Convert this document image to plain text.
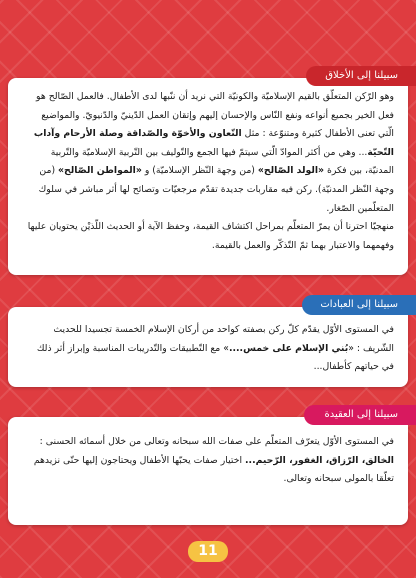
وهو الرّكن المتعلّق بالقيم الإسلاميّة والكونيّة التي نريد أن ننّبها لدى الأطفال. فالعمل الصّالح هو فعل الخير بجميع أنواعه ونفع النّاس والإحسان إليهم وإتقان العمل الدّينيّ والدّنيويّ. والمواضيع الّتي تعنى الأطفال كثيرة ومتنوّعة : مثل التّعاون والأخوّة والصّداقة وصلة الأرحام وآداب التّحيّة... وهي من أكثر الموادّ الّتي سيتمّ فيها الجمع والتّوليف بين التّربية الإسلاميّة والتّربية المدنيّة، بين فكرة «الولد الصّالح» (من وجهة النّظر الإسلاميّة) و «المواطن الصّالح» (من وجهة النّظر المدنيّة). ركن فيه مقاربات جديدة تقدّم مرجعيّات وتصائح لها أثر مباشر في سلوك المتعلّمين الصّغار.

منهجيّا احترنا أن يمرّ المتعلّم بمراحل اكتشاف القيمة، وحفظ الآية أو الحديث اللّذيْن يحتويان عليها وفهمهما والاعتبار بهما ثمّ التّذكّر والعمل بالقيمة.

سبيلنا إلى الأخلاق

في المستوى الأوّل يقدّم كلّ ركن بصفته كواحد من أركان الإسلام الخمسة تجسيدا للحديث الشّريف : «بُني الإسلام على خمس....» مع التّطبيقات والتّدريبات المناسبة وإبراز أثر ذلك في حياتهم كأطفال...

سبيلنا إلى العبادات

في المستوى الأوّل يتعرّف المتعلّم على صفات الله سبحانه وتعالى من خلال أسمائه الحسنى : الخالق، الرّزاق، الغفور، الرّحيم... اختيار صفات يحبّها الأطفال ويحتاجون إليها حتّى نزيدهم تعلّقا بالمولى سبحانه وتعالى.

سبيلنا إلى العقيدة
11
